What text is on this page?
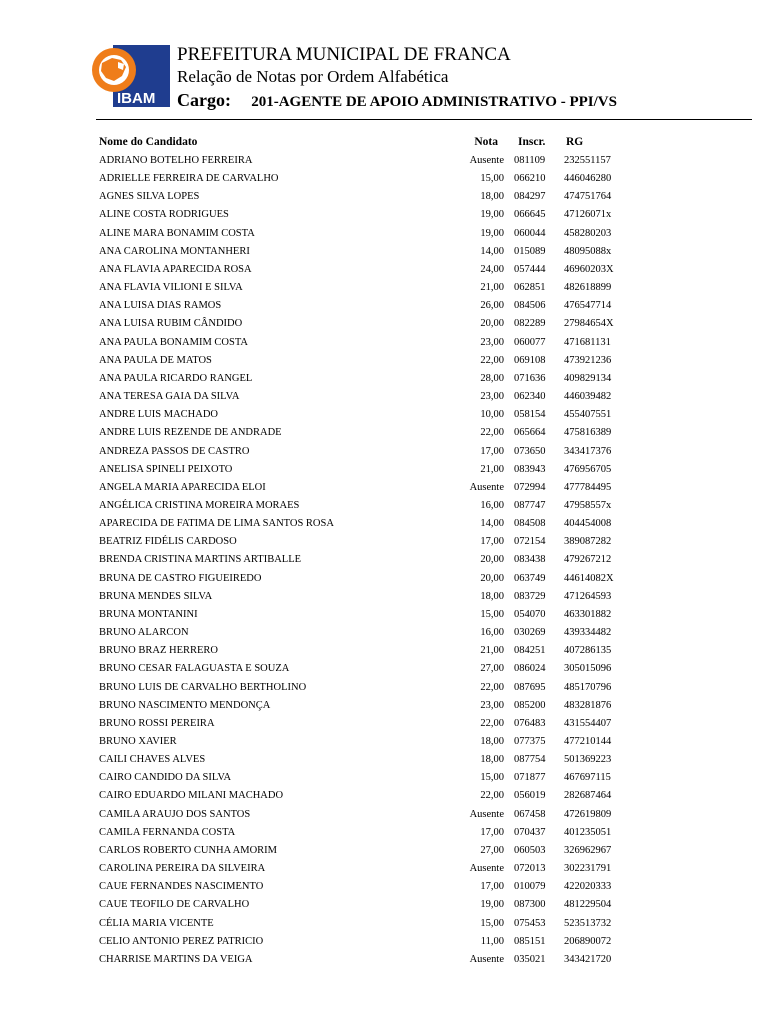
IBAM
PREFEITURA MUNICIPAL DE FRANCA
Relação de Notas por Ordem Alfabética
Cargo: 201-AGENTE DE APOIO ADMINISTRATIVO - PPI/VS
Nome do Candidato	Nota Inscr. RG
ADRIANO BOTELHO FERREIRA	Ausente 081109 232551157
ADRIELLE FERREIRA DE CARVALHO	15,00 066210 446046280
AGNES SILVA LOPES	18,00 084297 474751764
ALINE COSTA RODRIGUES	19,00 066645 47126071x
ALINE MARA BONAMIM COSTA	19,00 060044 458280203
ANA CAROLINA MONTANHERI	14,00 015089 48095088x
ANA FLAVIA APARECIDA ROSA	24,00 057444 46960203X
ANA FLAVIA VILIONI E SILVA	21,00 062851 482618899
ANA LUISA DIAS RAMOS	26,00 084506 476547714
ANA LUISA RUBIM CÂNDIDO	20,00 082289 27984654X
ANA PAULA BONAMIM COSTA	23,00 060077 471681131
ANA PAULA DE MATOS	22,00 069108 473921236
ANA PAULA RICARDO RANGEL	28,00 071636 409829134
ANA TERESA GAIA DA SILVA	23,00 062340 446039482
ANDRE LUIS MACHADO	10,00 058154 455407551
ANDRE LUIS REZENDE DE ANDRADE	22,00 065664 475816389
ANDREZA PASSOS DE CASTRO	17,00 073650 343417376
ANELISA SPINELI PEIXOTO	21,00 083943 476956705
ANGELA MARIA APARECIDA ELOI	Ausente 072994 477784495
ANGÉLICA CRISTINA MOREIRA MORAES	16,00 087747 47958557x
APARECIDA DE FATIMA DE LIMA SANTOS ROSA	14,00 084508 404454008
BEATRIZ FIDÉLIS CARDOSO	17,00 072154 389087282
BRENDA CRISTINA MARTINS ARTIBALLE	20,00 083438 479267212
BRUNA DE CASTRO FIGUEIREDO	20,00 063749 44614082X
BRUNA MENDES SILVA	18,00 083729 471264593
BRUNA MONTANINI	15,00 054070 463301882
BRUNO ALARCON	16,00 030269 439334482
BRUNO BRAZ HERRERO	21,00 084251 407286135
BRUNO CESAR FALAGUASTA E SOUZA	27,00 086024 305015096
BRUNO LUIS DE CARVALHO BERTHOLINO	22,00 087695 485170796
BRUNO NASCIMENTO MENDONÇA	23,00 085200 483281876
BRUNO ROSSI PEREIRA	22,00 076483 431554407
BRUNO XAVIER	18,00 077375 477210144
CAILI CHAVES ALVES	18,00 087754 501369223
CAIRO CANDIDO DA SILVA	15,00 071877 467697115
CAIRO EDUARDO MILANI MACHADO	22,00 056019 282687464
CAMILA ARAUJO DOS SANTOS	Ausente 067458 472619809
CAMILA FERNANDA COSTA	17,00 070437 401235051
CARLOS ROBERTO CUNHA AMORIM	27,00 060503 326962967
CAROLINA PEREIRA DA SILVEIRA	Ausente 072013 302231791
CAUE FERNANDES NASCIMENTO	17,00 010079 422020333
CAUE TEOFILO DE CARVALHO	19,00 087300 481229504
CÉLIA MARIA VICENTE	15,00 075453 523513732
CELIO ANTONIO PEREZ PATRICIO	11,00 085151 206890072
CHARRISE MARTINS DA VEIGA	Ausente 035021 343421720
